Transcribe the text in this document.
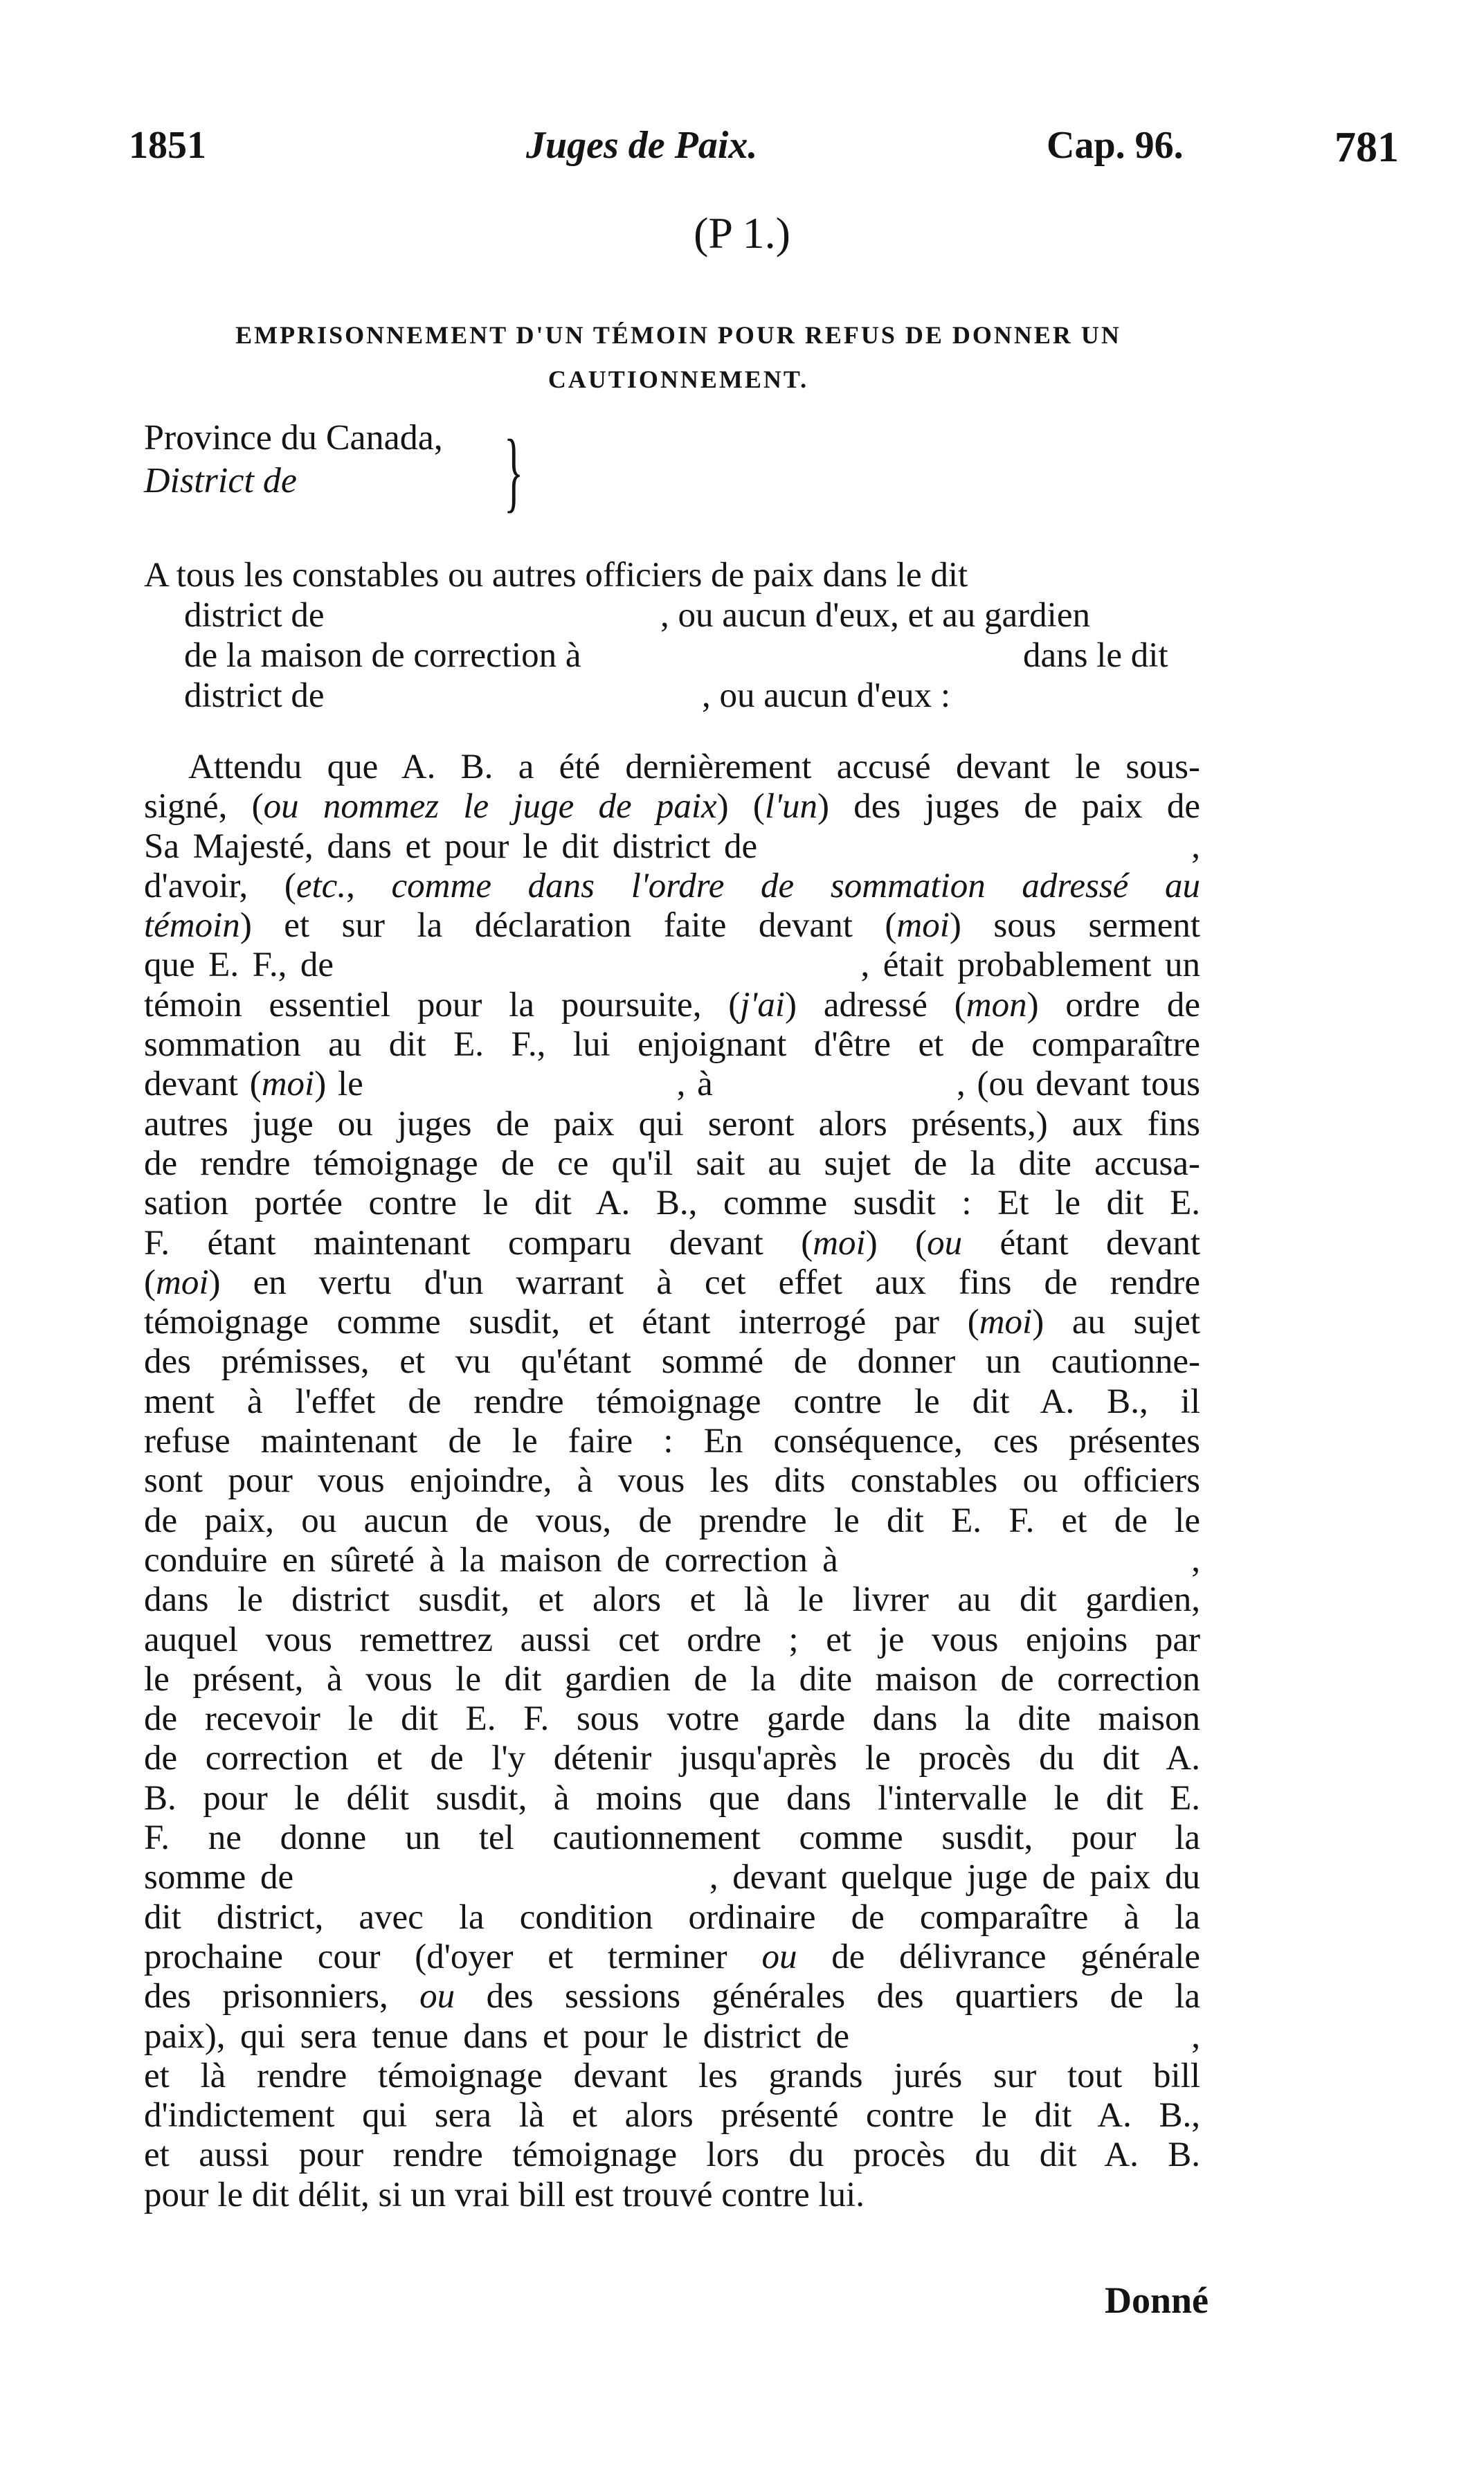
1851	Juges de Paix.	Cap. 96.	781
(P 1.)
EMPRISONNEMENT D'UN TÉMOIN POUR REFUS DE DONNER UN CAUTIONNEMENT.
Province du Canada,
District de	}
A tous les constables ou autres officiers de paix dans le dit
district de	, ou aucun d'eux, et au gardien
de la maison de correction à	dans le dit
district de	, ou aucun d'eux :
Attendu que A. B. a été dernièrement accusé devant le sous-
signé, (ou nommez le juge de paix) (l'un) des juges de paix de
Sa Majesté, dans et pour le dit district de                                ,
d'avoir, (etc., comme dans l'ordre de sommation adressé au
témoin) et sur la déclaration faite devant (moi) sous serment
que E. F., de                                       , était probablement un
témoin essentiel pour la poursuite, (j'ai) adressé (mon) ordre de
sommation au dit E. F., lui enjoignant d'être et de comparaître
devant (moi) le                           , à                     , (ou devant tous
autres juge ou juges de paix qui seront alors présents,) aux fins
de rendre témoignage de ce qu'il sait au sujet de la dite accusa-
sation portée contre le dit A. B., comme susdit : Et le dit E.
F. étant maintenant comparu devant (moi) (ou étant devant
(moi) en vertu d'un warrant à cet effet aux fins de rendre
témoignage comme susdit, et étant interrogé par (moi) au sujet
des prémisses, et vu qu'étant sommé de donner un cautionne-
ment à l'effet de rendre témoignage contre le dit A. B., il
refuse maintenant de le faire : En conséquence, ces présentes
sont pour vous enjoindre, à vous les dits constables ou officiers
de paix, ou aucun de vous, de prendre le dit E. F. et de le
conduire en sûreté à la maison de correction à                        ,
dans le district susdit, et alors et là le livrer au dit gardien,
auquel vous remettrez aussi cet ordre ; et je vous enjoins par
le présent, à vous le dit gardien de la dite maison de correction
de recevoir le dit E. F. sous votre garde dans la dite maison
de correction et de l'y détenir jusqu'après le procès du dit A.
B. pour le délit susdit, à moins que dans l'intervalle le dit E.
F. ne donne un tel cautionnement comme susdit, pour la
somme de                             , devant quelque juge de paix du
dit district, avec la condition ordinaire de comparaître à la
prochaine cour (d'oyer et terminer ou de délivrance générale
des prisonniers, ou des sessions générales des quartiers de la
paix), qui sera tenue dans et pour le district de                       ,
et là rendre témoignage devant les grands jurés sur tout bill
d'indictement qui sera là et alors présenté contre le dit A. B.,
et aussi pour rendre témoignage lors du procès du dit A. B.
pour le dit délit, si un vrai bill est trouvé contre lui.
Donné
